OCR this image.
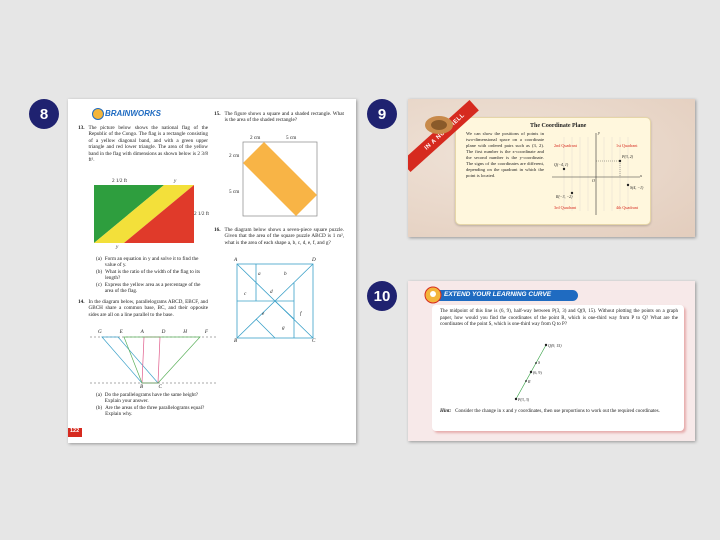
8	9
10
BRAINWORKS
13. The picture below shows the national flag of the Republic of the Congo. The flag is a rectangle consisting of a yellow diagonal band, and with a green upper triangle and red lower triangle. The area of the yellow band in the flag with dimensions as shown below is 2 3/8 ft².
2 1/2 ft	y
2 1/2 ft
y
(a) Form an equation in y and solve it to find the value of y.
(b) What is the ratio of the width of the flag to its length?
(c) Express the yellow area as a percentage of the area of the flag.
14. In the diagram below, parallelograms ABCD, EBCF, and GBCH share a common base, BC, and their opposite sides are all on a line parallel to the base.
G	E	A	D	H	F
B	C
(a) Do the parallelograms have the same height? Explain your answer.
(b) Are the areas of the three parallelograms equal? Explain why.
15. The figure shows a square and a shaded rectangle. What is the area of the shaded rectangle?
2 cm	5 cm
2 cm
5 cm
16. The diagram below shows a seven-piece square puzzle. Given that the area of the square puzzle ABCD is 1 m², what is the area of each shape a, b, c, d, e, f, and g?
A	D
B	C
a	b
c	d
e	f
g
122
IN A
The Coordinate Plane
We can show the positions of points in two-dimensional space on a coordinate plane with ordered pairs such as (3, 2). The first number is the x-coordinate and the second number is the y-coordinate. The signs of the coordinates are different, depending on the quadrant in which the point is located.
2nd Quadrant	1st Quadrant
3rd Quadrant	4th Quadrant
Q(−4, 1)
P(3, 2)
R(−3, −2)
S(4, −1)
x
y
O
EXTEND YOUR LEARNING CURVE
The midpoint of this line is (6, 9), half-way between P(3, 3) and Q(9, 15). Without plotting the points on a graph paper, how would you find the coordinates of the point R, which is one-third way from P to Q? What are the coordinates of the point S, which is one-third way from Q to P?
Q(9, 15)
S
(6, 9)
R
P(3, 3)
Hint: Consider the change in x and y coordinates, then use proportions to work out the required coordinates.
